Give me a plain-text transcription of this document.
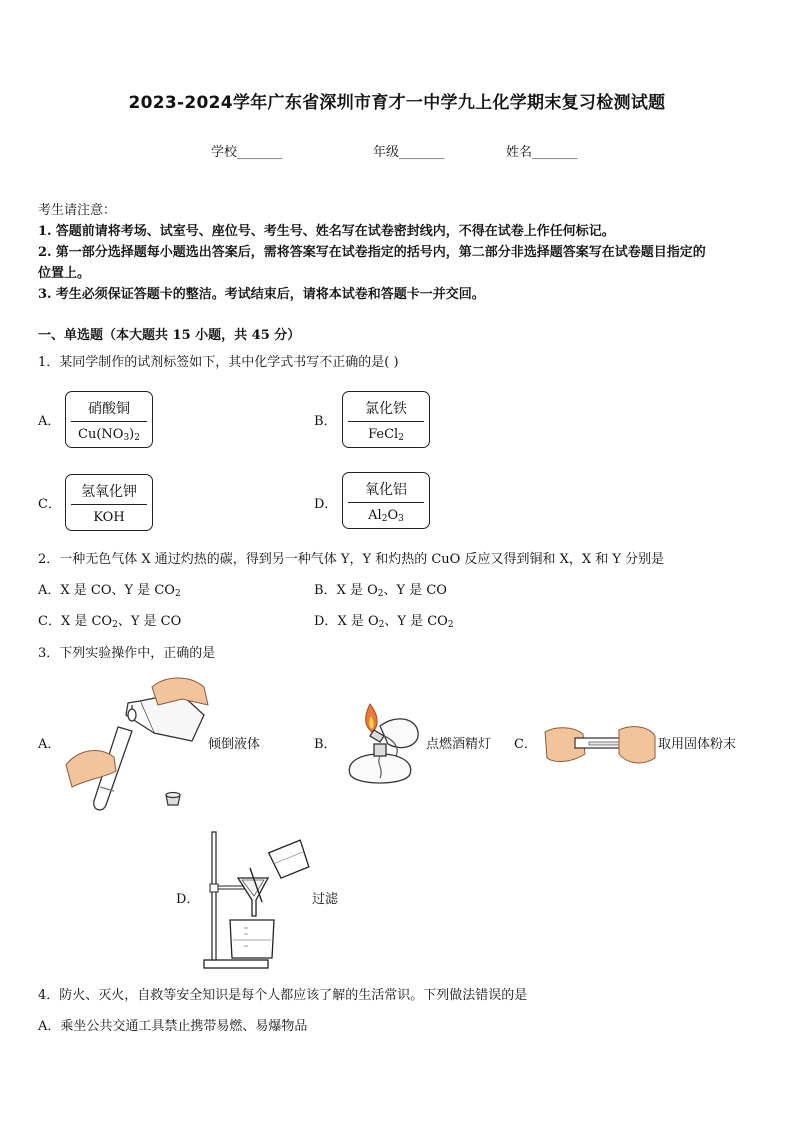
2023-2024学年广东省深圳市育才一中学九上化学期末复习检测试题
学校_______	年级_______	姓名_______
考生请注意：
1. 答题前请将考场、试室号、座位号、考生号、姓名写在试卷密封线内，不得在试卷上作任何标记。
2. 第一部分选择题每小题选出答案后，需将答案写在试卷指定的括号内，第二部分非选择题答案写在试卷题目指定的
位置上。
3. 考生必须保证答题卡的整洁。考试结束后，请将本试卷和答题卡一并交回。
一、单选题（本大题共 15 小题，共 45 分）
1．某同学制作的试剂标签如下，其中化学式书写不正确的是( )
A．
硝酸铜
$Cu(NO_3)_2$
B．
氯化铁
FeCl$_2$
C．
氢氧化钾
KOH
D．
氧化铝
$Al_2O_3$
2．一种无色气体 X 通过灼热的碳，得到另一种气体 Y，Y 和灼热的 CuO 反应又得到铜和 X，X 和 Y 分别是
A．X 是 CO、Y 是 $CO_2$	B．X 是 $O_2$、Y 是 CO
C．X 是 $CO_2$、Y 是 CO	D．X 是 $O_2$、Y 是 $CO_2$
3．下列实验操作中，正确的是
A．	倾倒液体	B．	点燃酒精灯 C．	取用固体粉末
D．	过滤
4．防火、灭火，自救等安全知识是每个人都应该了解的生活常识。下列做法错误的是
A．乘坐公共交通工具禁止携带易燃、易爆物品
